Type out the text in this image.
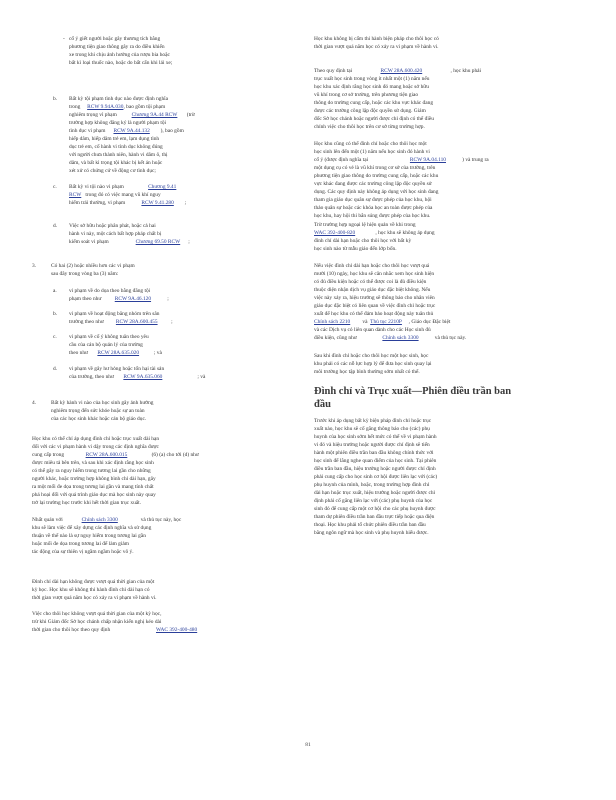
- cố ý giết người hoặc gây thương tích bằng

phương tiện giao thông gây ra do điều khiển

xe trong khi chịu ảnh hưởng của rượu bia hoặc

bất kì loại thuốc nào, hoặc do bất cẩn khi lái xe;

b. Bất kỳ tội phạm tình dục nào được định nghĩa

trong RCW 9.94A.030, bao gồm tội phạm

nghiêm trọng vì phạm	Chương 9A.44 RCW (trừ

trường hợp không đăng ký là người phạm tội

tình dục vi phạm RCW 9A.44.132 ), bao gồm

hiếp dâm, hiếp dâm trẻ em, lạm dụng tình

dục trẻ em, cố hành vi tình dục không đúng

với người chưa thành niên, hành vi dâm ô, thị

dâm, và bất kì trọng tội khác bị kết án hoặc

xét xử có chứng cứ về động cơ tình dục;

c. Bất kỳ vi tội nào vi phạm	Chương 9.41

RCW trong đó có việc mang vũ khí nguy

hiểm trái thường, vi phạm	RCW 9.41.280 ;

d. Việc sở hữu hoặc phân phát, hoặc cả hai

hành vi này, một cách bất hợp pháp chất bị

kiểm soát vi phạm	Chương 69.50 RCW ;

3.	Có hai (2) hoặc nhiều hơn các vi phạm

sau đây trong vòng ba (3) năm:

a. vi phạm về do dọa theo bằng đăng tội

phạm theo như RCW 9A.46.120	;

b. vi phạm về hoạt động băng nhóm trên sân

trường theo như RCW 28A.600.455 ;

c. vi phạm về cố ý không tuân theo yêu

cầu của cán bộ quản lý của trường

theo như RCW 28A.635.020	; và

d. vi phạm về gây hư hỏng hoặc tốn hại tài sản

của trường, theo như RCW 9A.635.060	; và

4.	Bất kỳ hành vi nào của học sinh gây ảnh hưởng

nghiêm trọng đến sức khỏe hoặc sự an toàn

của các học sinh khác hoặc cán bộ giáo dục.

Học khu có thể chỉ áp dụng đình chỉ hoặc trục xuất dài hạn

đối với các vi phạm hành vi dậy trong các định nghĩa được

cung cấp trong	RCW 28A.600.015	(6) (a) cho tới (d) như

được miêu tả bên trên, và sau khi xác định rằng học sinh

có thể gây ra nguy hiểm trong tương lai gần cho những

người khác, hoặc trường hợp không bình chỉ dài hạn, gây

ra một mối đe dọa trong tương lai gần và mang tính chất

phá hoại đối với quá trình giáo dục mà học sinh này quay

trở lại trường học trước khi hết thời gian trục xuất.

Nhất quán với	Chính sách 3300	và thủ tục này, học

khu sẽ làm việc để xây dựng các định nghĩa và sử dụng

thuận về thể nào là sự nguy hiểm trong tương lai gần

hoặc mối đe dọa trong tương lai để làm giảm

tác động của sự thiên vị ngầm ngầm hoặc vô ý.

Đình chỉ dài hạn không được vượt quá thời gian của một

kỳ học. Học khu sẽ không thi hành đình chỉ dài hạn có

thời gian vượt quá năm học có xảy ra vi phạm về hành vi.

Việc cho thôi học không vượt quá thời gian của một kỳ học,

trừ khi Giám đốc Sở học chánh chấp nhận kiến nghị kéo dài

thời gian cho thôi học theo quy định	WAC 392-400-480

Học khu không bị cấm thi hành biện pháp cho thôi học có

thời gian vượt quá năm học có xảy ra vi phạm về hành vi.

Theo quy định tại	RCW 28A.600.420	, học khu phải

trục xuất học sinh trong vòng ít nhất một (1) năm nếu

học khu xác định rằng học sinh đó mang hoặc sở hữu

vũ khí trong cơ sở trường, trên phương tiện giao

thông do trường cung cấp, hoặc các khu vực khác đang

được các trường công lập độc quyền sử dụng. Giám

đốc Sở học chánh hoặc người được chỉ định có thể điều

chỉnh việc cho thôi học trên cơ sở từng trường hợp.

Học khu cũng có thể đình chỉ hoặc cho thôi học một

học sinh lên đến một (1) năm nếu học sinh đó hành vi

cố ý (được định nghĩa tại	RCW 9A.04.110	) và trung ra

một dụng cụ có vẻ là vũ khí trong cơ sở của trường, trên

phương tiện giao thông do trường cung cấp, hoặc các khu

vực khác đang được các trường công lập độc quyền sử

dụng. Các quy định này không áp dụng với học sinh đang

tham gia giáo dục quân sự được phép của học khu, hội

thảo quân sự hoặc các khóa học an toàn được phép của

học khu, hay hội thi bắn súng được phép của học khu.

Trừ trường hợp ngoại lệ hiện quản về khi trong

WAC 392-400-820	, học khu sẽ không áp dụng

đình chỉ dài hạn hoặc cho thôi học với bất kỳ

học sinh nào từ mẫu giáo đến lớp bốn.

Nếu việc đình chỉ dài hạn hoặc cho thôi học vượt quá

mười (10) ngày, học khu sẽ cân nhắc xem học sinh hiện

có đủ điều kiện hoặc có thể được coi là đủ điều kiện

thuộc diện nhận dịch vụ giáo dục đặc biệt không. Nếu

việc này xảy ra, hiệu trưởng sẽ thông báo cho nhân viên

giáo dục đặc biệt có liên quan về việc đình chỉ hoặc trục

xuất để học khu có thể đảm bảo hoạt động này tuân thủ

Chính sách 2210 và Thủ tục 2210P , Giáo dục Đặc biệt

và các Dịch vụ có liên quan dành cho các Học sinh đủ

điều kiện, cũng như	Chính sách 3300	và thủ tục này.

Sau khi đình chỉ hoặc cho thôi học một học sinh, học

khu phải có các nỗ lực hợp lý để đưa học sinh quay lại

môi trường học tập bình thường sớm nhất có thể.

Đình chỉ và Trục xuất—Phiên điều trần ban
đầu

Trước khi áp dụng bất kỳ biện pháp đình chỉ hoặc trục

xuất nào, học khu sẽ cố gắng thông báo cho (các) phụ

huynh của học sinh sớm hết mức có thể về vi phạm hành

vi đó và hiệu trưởng hoặc người được chỉ định sẽ tiến

hành một phiên điều trần ban đầu không chính thức với

học sinh để lắng nghe quan điểm của học sinh. Tại phiên

điều trần ban đầu, hiệu trưởng hoặc người được chỉ định

phải cung cấp cho học sinh cơ hội được liên lạc với (các)

phụ huynh của mình, hoặc, trong trường hợp đình chỉ

dài hạn hoặc trục xuất, hiệu trưởng hoặc người được chỉ

định phải cố gắng liên lạc với (các) phụ huynh của học

sinh đó để cung cấp một cơ hội cho các phụ huynh được

tham dự phiên điều trần ban đầu trực tiếp hoặc qua điện

thoại. Học khu phải tổ chức phiên điều trần ban đầu

bằng ngôn ngữ mà học sinh và phụ huynh hiểu được.

81
